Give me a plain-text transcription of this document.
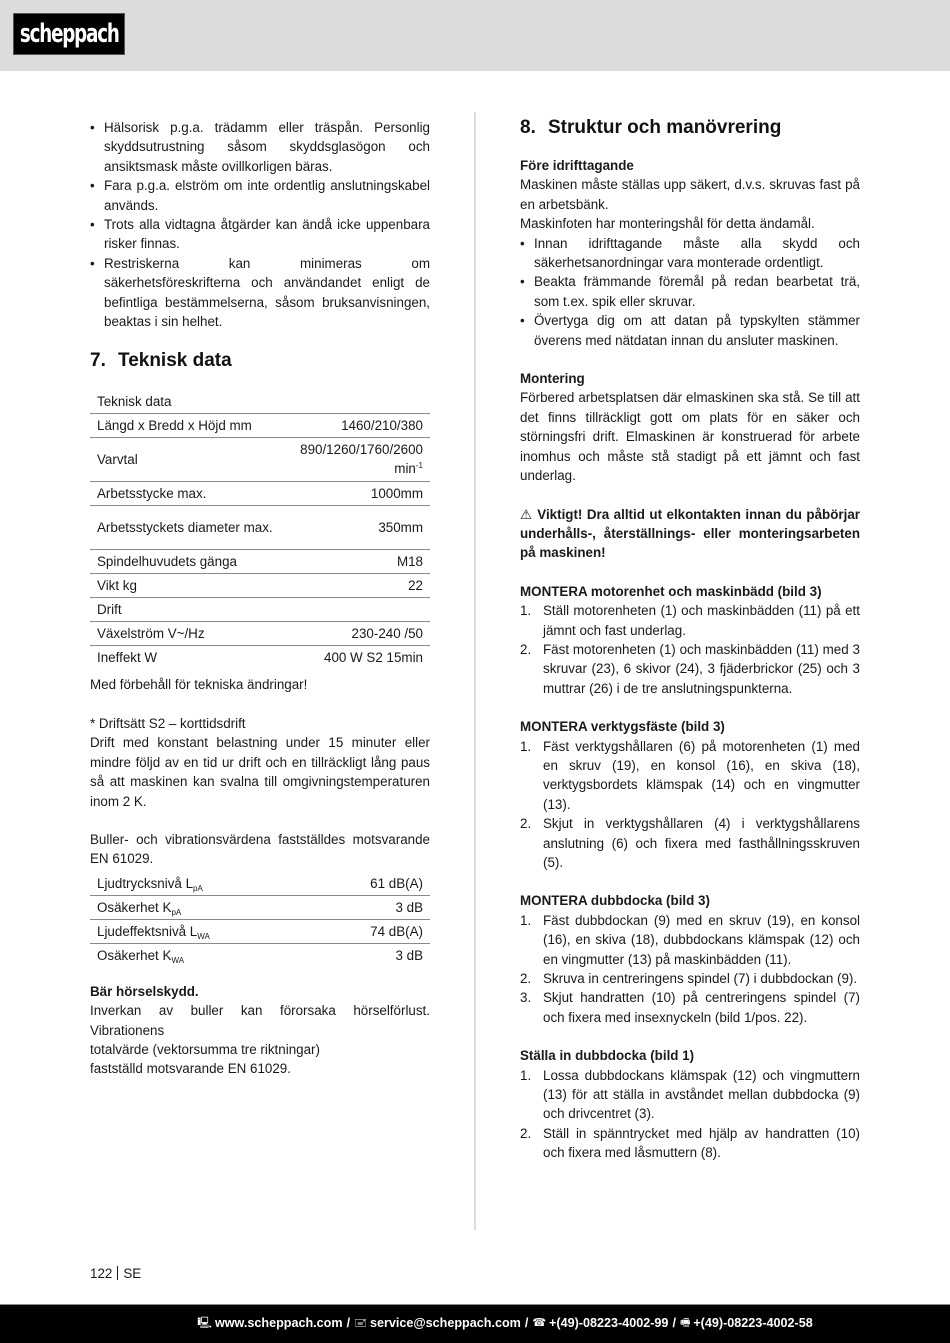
scheppach
• Hälsorisk p.g.a. trädamm eller träspån. Personlig skyddsutrustning såsom skyddsglasögon och ansiktsmask måste ovillkorligen bäras.
• Fara p.g.a. elström om inte ordentlig anslutningskabel används.
• Trots alla vidtagna åtgärder kan ändå icke uppenbara risker finnas.
• Restriskerna kan minimeras om säkerhetsföreskrifterna och användandet enligt de befintliga bestämmelserna, såsom bruksanvisningen, beaktas i sin helhet.
7. Teknisk data
Teknisk data	
Längd x Bredd x Höjd mm	1460/210/380
Varvtal	890/1260/1760/2600
$\min^{-1}$
Arbetsstycke max.	1000mm
Arbetsstyckets diameter max.	350mm
Spindelhuvudets gänga	M18
Vikt kg	22
Drift	
Växelström V~/Hz	230-240 /50
Ineffekt W	400 W S2 15min

Med förbehåll för tekniska ändringar!

* Driftsätt S2 – korttidsdrift

Drift med konstant belastning under 15 minuter eller mindre följd av en tid ur drift och en tillräckligt lång paus så att maskinen kan svalna till omgivningstemperaturen inom 2 K.

Buller- och vibrationsvärdena fastställdes motsvarande EN 61029.

Ljudtrycksnivå $L_{pA}$	61 dB(A)
Osäkerhet $K_{pA}$	3 dB
Ljudeffektsnivå $L_{WA}$	74 dB(A)
Osäkerhet $K_{WA}$	3 dB
Bär hörselskydd.

Inverkan av buller kan förorsaka hörselförlust. Vibrationens

totalvärde (vektorsumma tre riktningar)

fastställd motsvarande EN 61029.

8. Struktur och manövrering
Före idrifttagande

Maskinen måste ställas upp säkert, d.v.s. skruvas fast på en arbetsbänk.

Maskinfoten har monteringshål för detta ändamål.

• Innan idrifttagande måste alla skydd och säkerhetsanordningar vara monterade ordentligt.
• Beakta främmande föremål på redan bearbetat trä, som t.ex. spik eller skruvar.
• Övertyga dig om att datan på typskylten stämmer överens med nätdatan innan du ansluter maskinen.
Montering

Förbered arbetsplatsen där elmaskinen ska stå. Se till att det finns tillräckligt gott om plats för en säker och störningsfri drift. Elmaskinen är konstruerad för arbete inomhus och måste stå stadigt på ett jämnt och fast underlag.

⚠ Viktigt! Dra alltid ut elkontakten innan du påbörjar underhålls-, återställnings- eller monteringsarbeten på maskinen!

MONTERA motorenhet och maskinbädd (bild 3)
1. Ställ motorenheten (1) och maskinbädden (11) på ett jämnt och fast underlag.
2. Fäst motorenheten (1) och maskinbädden (11) med 3 skruvar (23), 6 skivor (24), 3 fjäderbrickor (25) och 3 muttrar (26) i de tre anslutningspunkterna.
MONTERA verktygsfäste (bild 3)
1. Fäst verktygshållaren (6) på motorenheten (1) med en skruv (19), en konsol (16), en skiva (18), verktygsbordets klämspak (14) och en vingmutter (13).
2. Skjut in verktygshållaren (4) i verktygshållarens anslutning (6) och fixera med fasthållningsskruven (5).
MONTERA dubbdocka (bild 3)
1. Fäst dubbdockan (9) med en skruv (19), en konsol (16), en skiva (18), dubbdockans klämspak (12) och en vingmutter (13) på maskinbädden (11).
2. Skruva in centreringens spindel (7) i dubbdockan (9).
3. Skjut handratten (10) på centreringens spindel (7) och fixera med insexnyckeln (bild 1/pos. 22).
Ställa in dubbdocka (bild 1)
1. Lossa dubbdockans klämspak (12) och vingmuttern (13) för att ställa in avståndet mellan dubbdocka (9) och drivcentret (3).
2. Ställ in spänntrycket med hjälp av handratten (10) och fixera med låsmuttern (8).
122 SE
🖳 www.scheppach.com / 🖃 service@scheppach.com / ☎ +(49)-08223-4002-99 / 🖷 +(49)-08223-4002-58
